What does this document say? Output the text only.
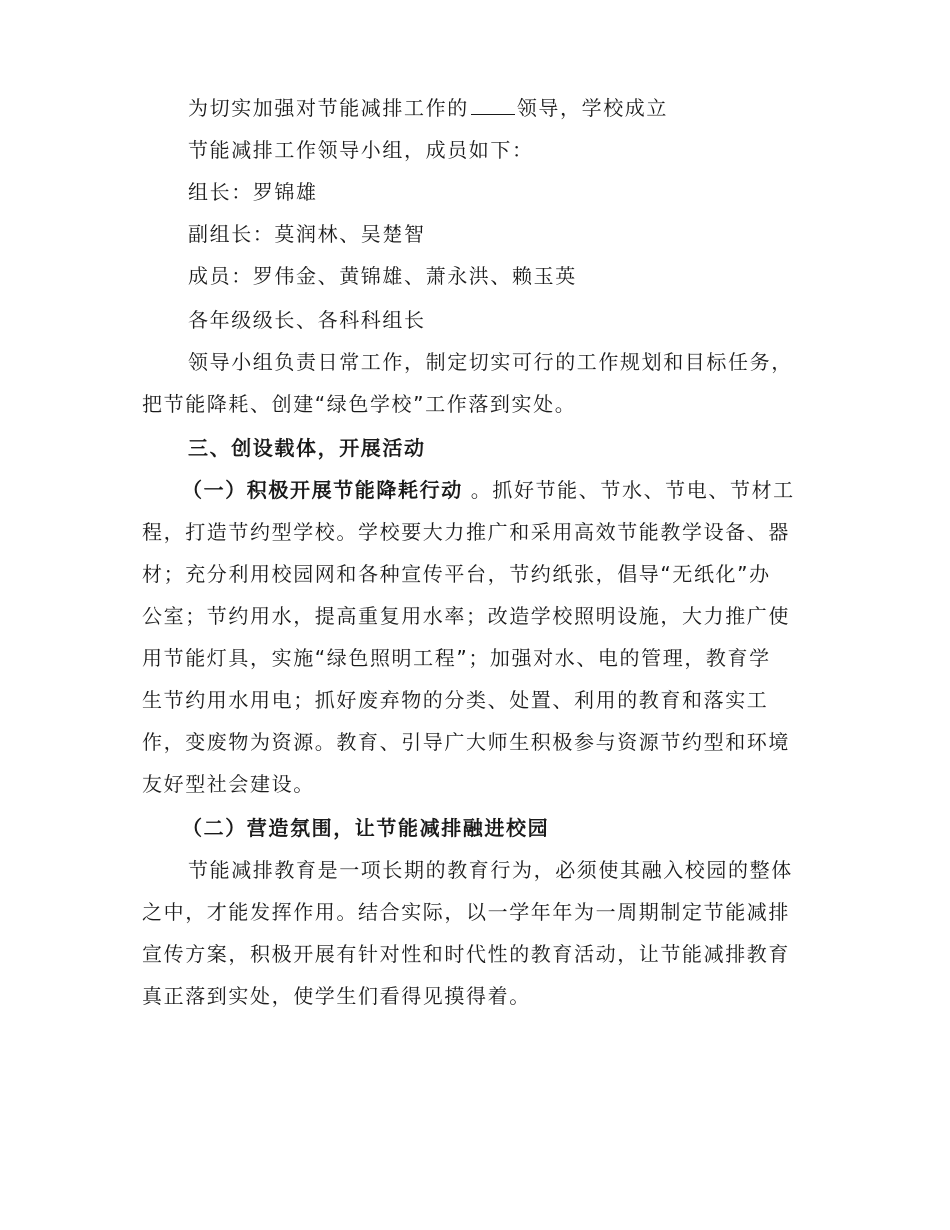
为切实加强对节能减排工作的 领导，学校成立
节能减排工作领导小组，成员如下：
组长：罗锦雄
副组长：莫润林、吴楚智
成员：罗伟金、黄锦雄、萧永洪、赖玉英
各年级级长、各科科组长
领导小组负责日常工作，制定切实可行的工作规划和目标任务，
把节能降耗、创建“绿色学校”工作落到实处。
三、创设载体，开展活动
（一）积极开展节能降耗行动 。抓好节能、节水、节电、节材工
程，打造节约型学校。学校要大力推广和采用高效节能教学设备、器
材；充分利用校园网和各种宣传平台，节约纸张，倡导“无纸化”办
公室；节约用水，提高重复用水率；改造学校照明设施，大力推广使
用节能灯具，实施“绿色照明工程”；加强对水、电的管理，教育学
生节约用水用电；抓好废弃物的分类、处置、利用的教育和落实工
作，变废物为资源。教育、引导广大师生积极参与资源节约型和环境
友好型社会建设。
（二）营造氛围，让节能减排融进校园
节能减排教育是一项长期的教育行为，必须使其融入校园的整体
之中，才能发挥作用。结合实际，以一学年年为一周期制定节能减排
宣传方案，积极开展有针对性和时代性的教育活动，让节能减排教育
真正落到实处，使学生们看得见摸得着。
